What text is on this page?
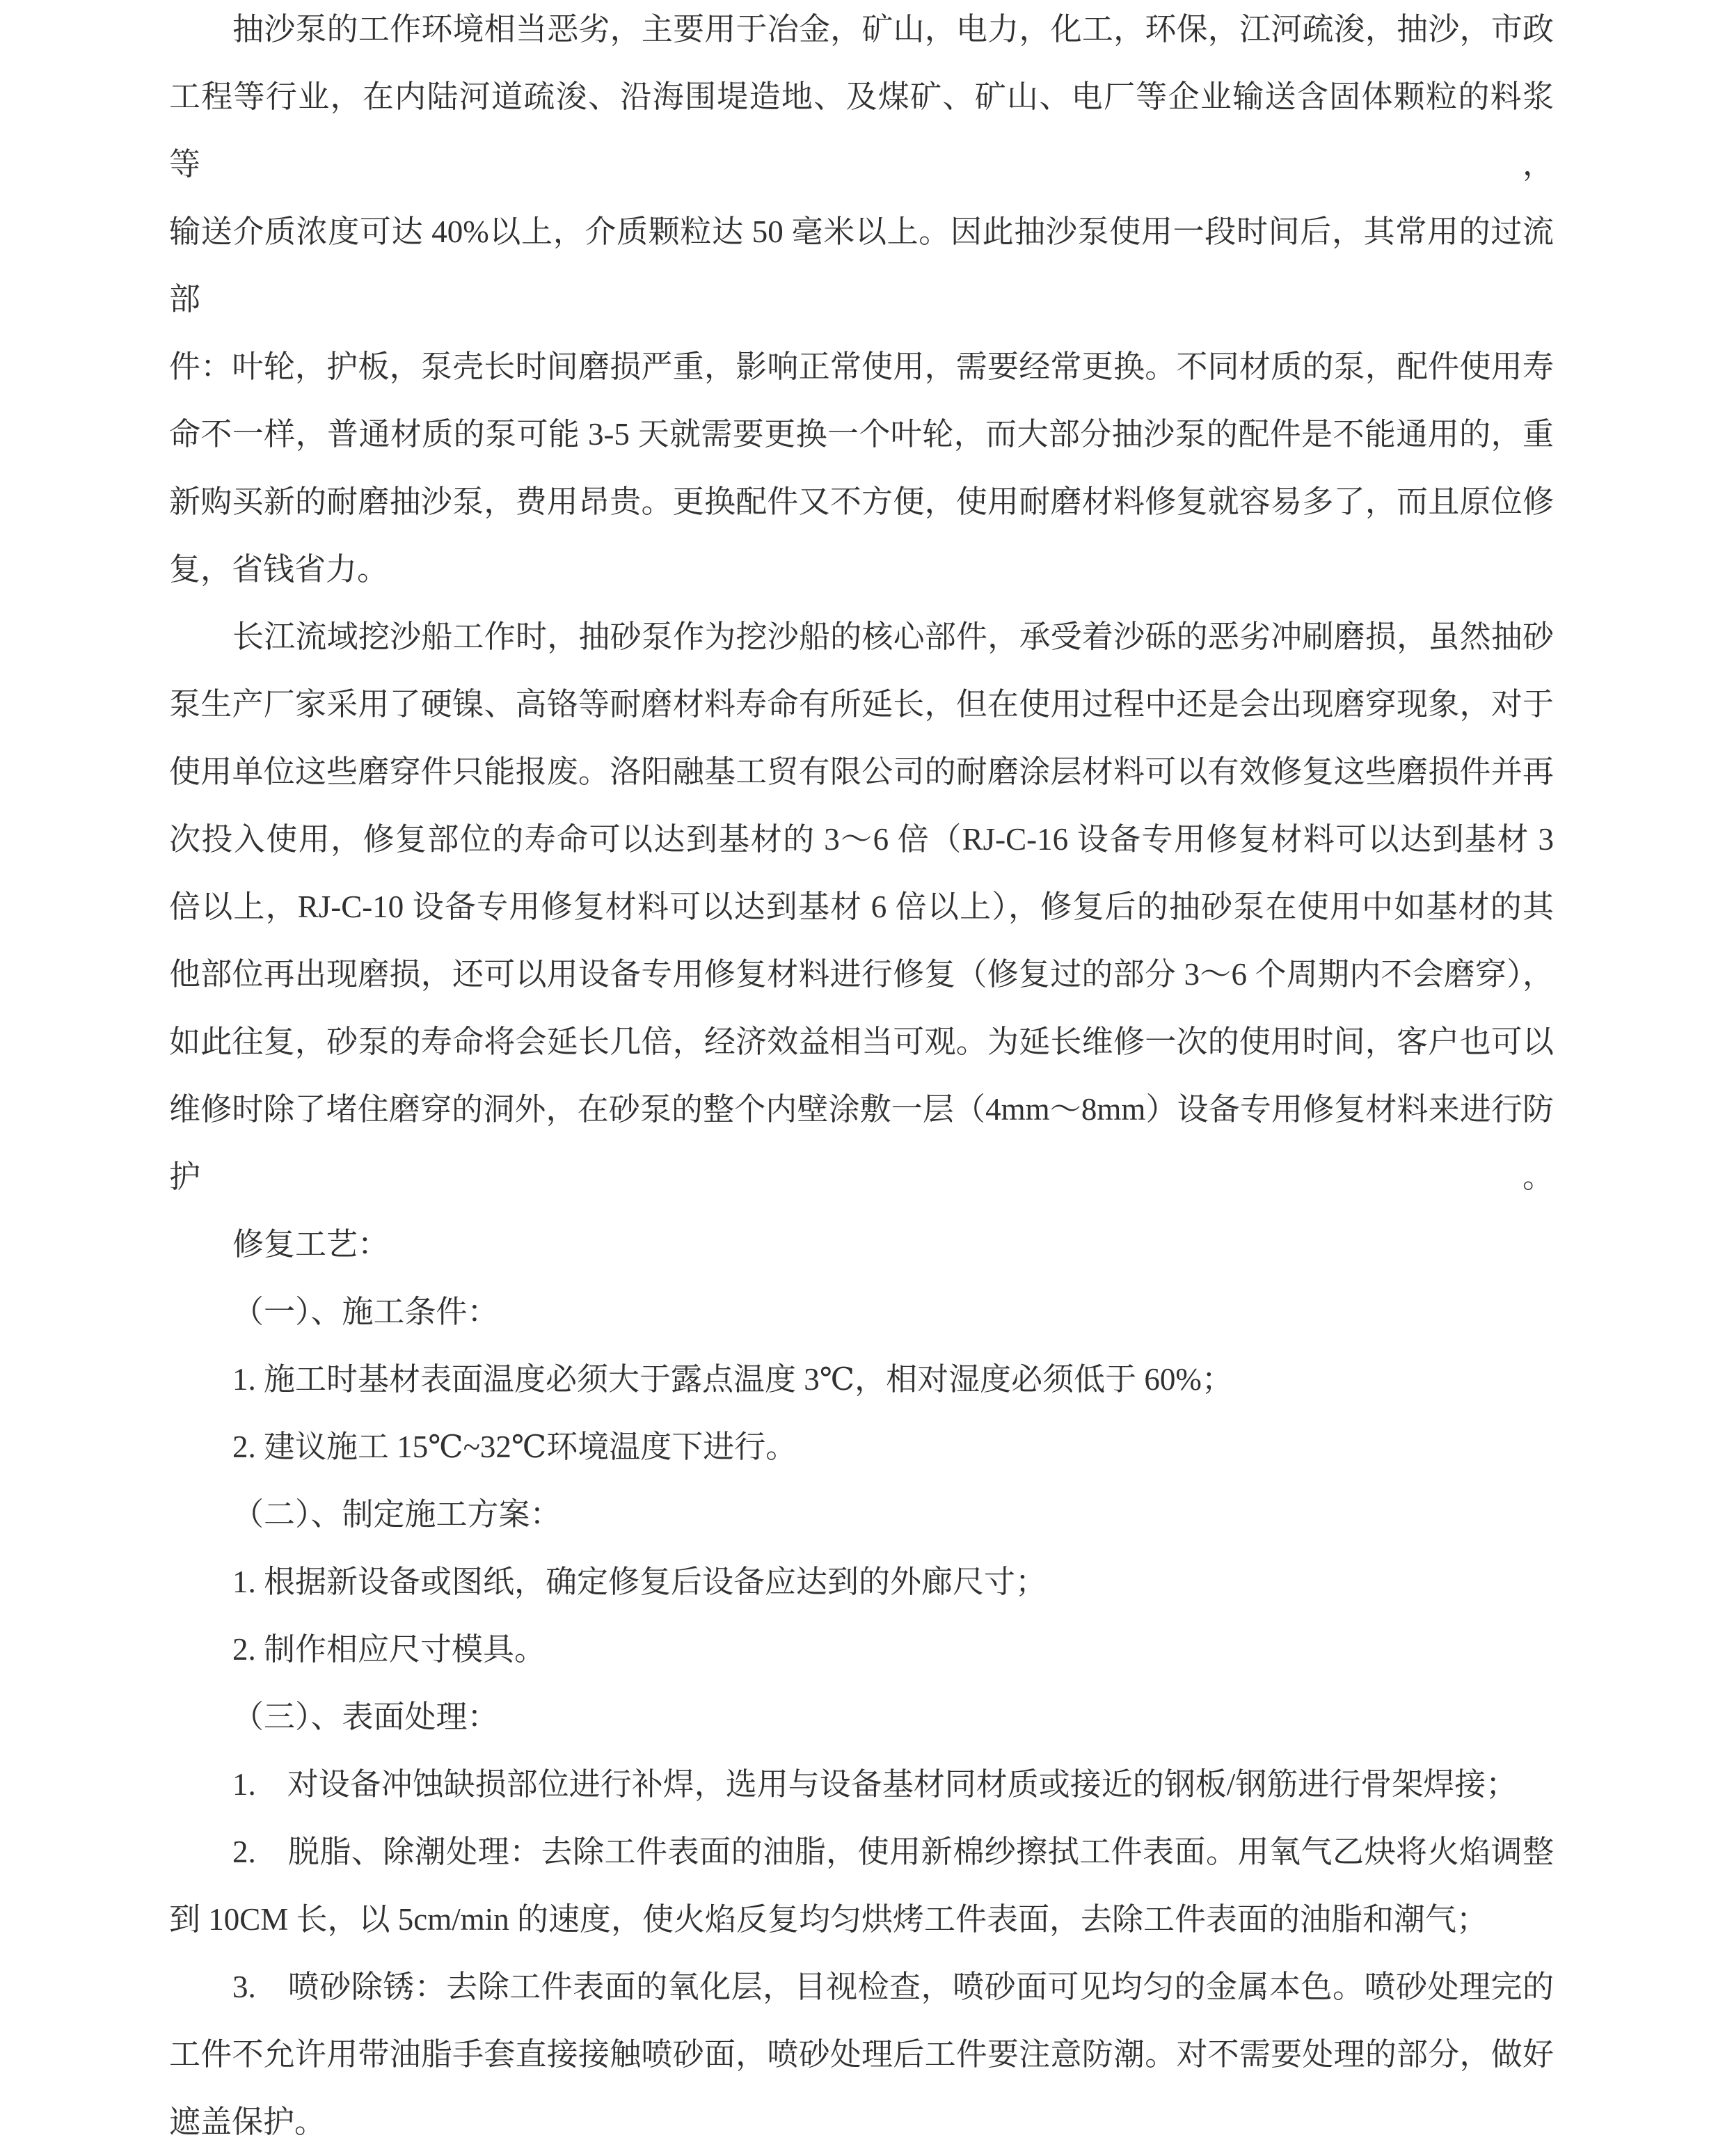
抽沙泵的工作环境相当恶劣，主要用于冶金，矿山，电力，化工，环保，江河疏浚，抽沙，市政
工程等行业，在内陆河道疏浚、沿海围堤造地、及煤矿、矿山、电厂等企业输送含固体颗粒的料浆等，
输送介质浓度可达 40%以上，介质颗粒达 50 毫米以上。因此抽沙泵使用一段时间后，其常用的过流部
件：叶轮，护板，泵壳长时间磨损严重，影响正常使用，需要经常更换。不同材质的泵，配件使用寿
命不一样，普通材质的泵可能 3-5 天就需要更换一个叶轮，而大部分抽沙泵的配件是不能通用的，重
新购买新的耐磨抽沙泵，费用昂贵。更换配件又不方便，使用耐磨材料修复就容易多了，而且原位修
复，省钱省力。
长江流域挖沙船工作时，抽砂泵作为挖沙船的核心部件，承受着沙砾的恶劣冲刷磨损，虽然抽砂
泵生产厂家采用了硬镍、高铬等耐磨材料寿命有所延长，但在使用过程中还是会出现磨穿现象，对于
使用单位这些磨穿件只能报废。洛阳融基工贸有限公司的耐磨涂层材料可以有效修复这些磨损件并再
次投入使用，修复部位的寿命可以达到基材的 3～6 倍（RJ-C-16 设备专用修复材料可以达到基材 3
倍以上，RJ-C-10 设备专用修复材料可以达到基材 6 倍以上），修复后的抽砂泵在使用中如基材的其
他部位再出现磨损，还可以用设备专用修复材料进行修复（修复过的部分 3～6 个周期内不会磨穿），
如此往复，砂泵的寿命将会延长几倍，经济效益相当可观。为延长维修一次的使用时间，客户也可以
维修时除了堵住磨穿的洞外，在砂泵的整个内壁涂敷一层（4mm～8mm）设备专用修复材料来进行防护。
修复工艺：
（一）、施工条件：
1. 施工时基材表面温度必须大于露点温度 3℃，相对湿度必须低于 60%；
2. 建议施工 15℃~32℃环境温度下进行。
（二）、制定施工方案：
1. 根据新设备或图纸，确定修复后设备应达到的外廊尺寸；
2. 制作相应尺寸模具。
（三）、表面处理：
1.　对设备冲蚀缺损部位进行补焊，选用与设备基材同材质或接近的钢板/钢筋进行骨架焊接；
2.　脱脂、除潮处理：去除工件表面的油脂，使用新棉纱擦拭工件表面。用氧气乙炔将火焰调整
到 10CM 长，以 5cm/min 的速度，使火焰反复均匀烘烤工件表面，去除工件表面的油脂和潮气；
3.　喷砂除锈：去除工件表面的氧化层，目视检查，喷砂面可见均匀的金属本色。喷砂处理完的
工件不允许用带油脂手套直接接触喷砂面，喷砂处理后工件要注意防潮。对不需要处理的部分，做好
遮盖保护。
